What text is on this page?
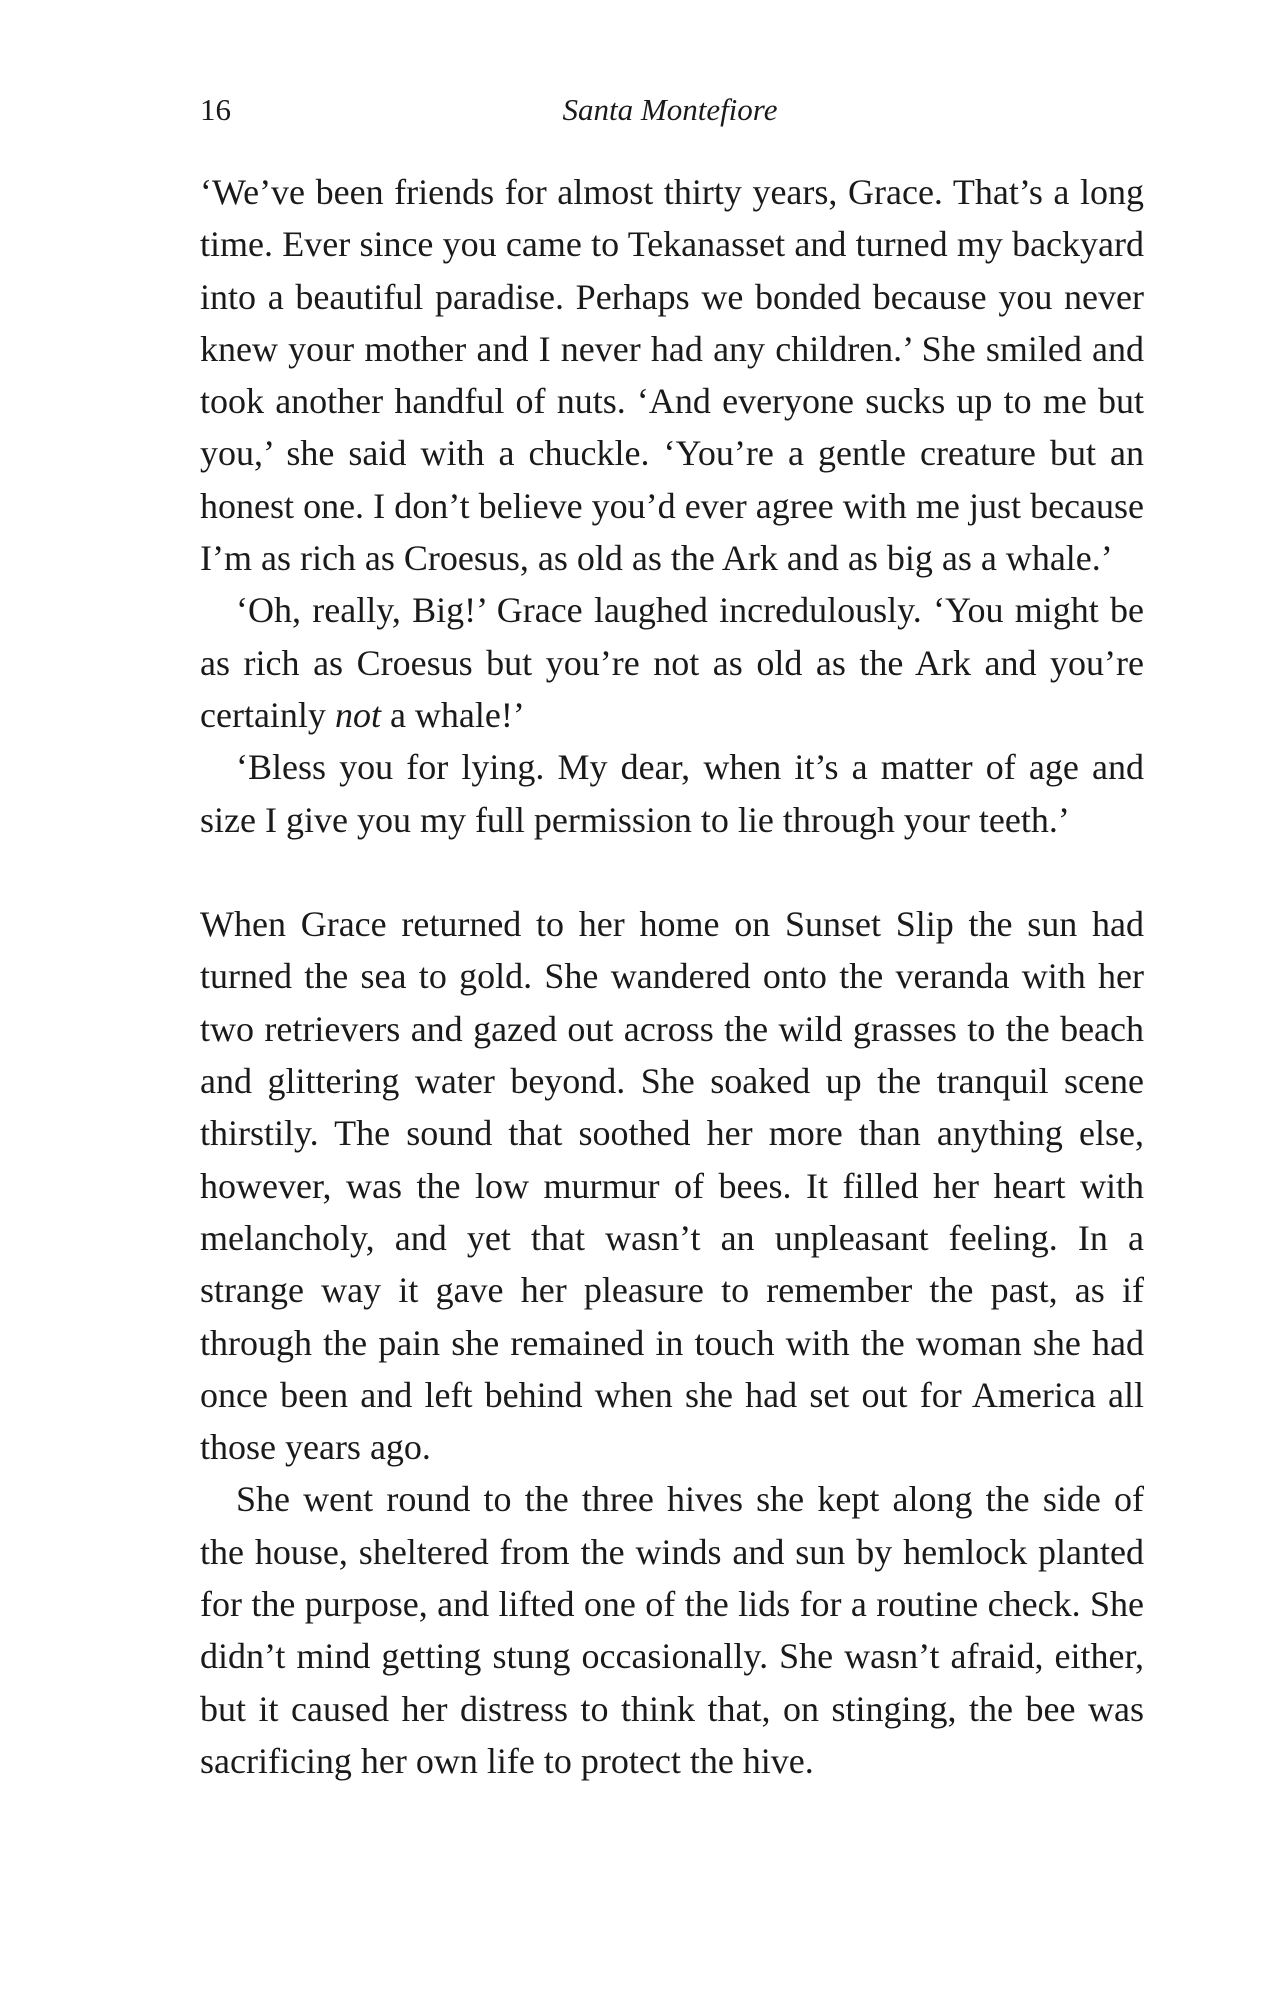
16	Santa Montefiore

‘We’ve been friends for almost thirty years, Grace. That’s a long time. Ever since you came to Tekanasset and turned my backyard into a beautiful paradise. Perhaps we bonded because you never knew your mother and I never had any children.’ She smiled and took another handful of nuts. ‘And everyone sucks up to me but you,’ she said with a chuckle. ‘You’re a gentle creature but an honest one. I don’t believe you’d ever agree with me just because I’m as rich as Croesus, as old as the Ark and as big as a whale.’

‘Oh, really, Big!’ Grace laughed incredulously. ‘You might be as rich as Croesus but you’re not as old as the Ark and you’re certainly not a whale!’

‘Bless you for lying. My dear, when it’s a matter of age and size I give you my full permission to lie through your teeth.’

When Grace returned to her home on Sunset Slip the sun had turned the sea to gold. She wandered onto the veranda with her two retrievers and gazed out across the wild grasses to the beach and glittering water beyond. She soaked up the tranquil scene thirstily. The sound that soothed her more than anything else, however, was the low murmur of bees. It filled her heart with melancholy, and yet that wasn’t an unpleasant feeling. In a strange way it gave her pleasure to remember the past, as if through the pain she remained in touch with the woman she had once been and left behind when she had set out for America all those years ago.

She went round to the three hives she kept along the side of the house, sheltered from the winds and sun by hemlock planted for the purpose, and lifted one of the lids for a routine check. She didn’t mind getting stung occasionally. She wasn’t afraid, either, but it caused her distress to think that, on stinging, the bee was sacrificing her own life to protect the hive.
